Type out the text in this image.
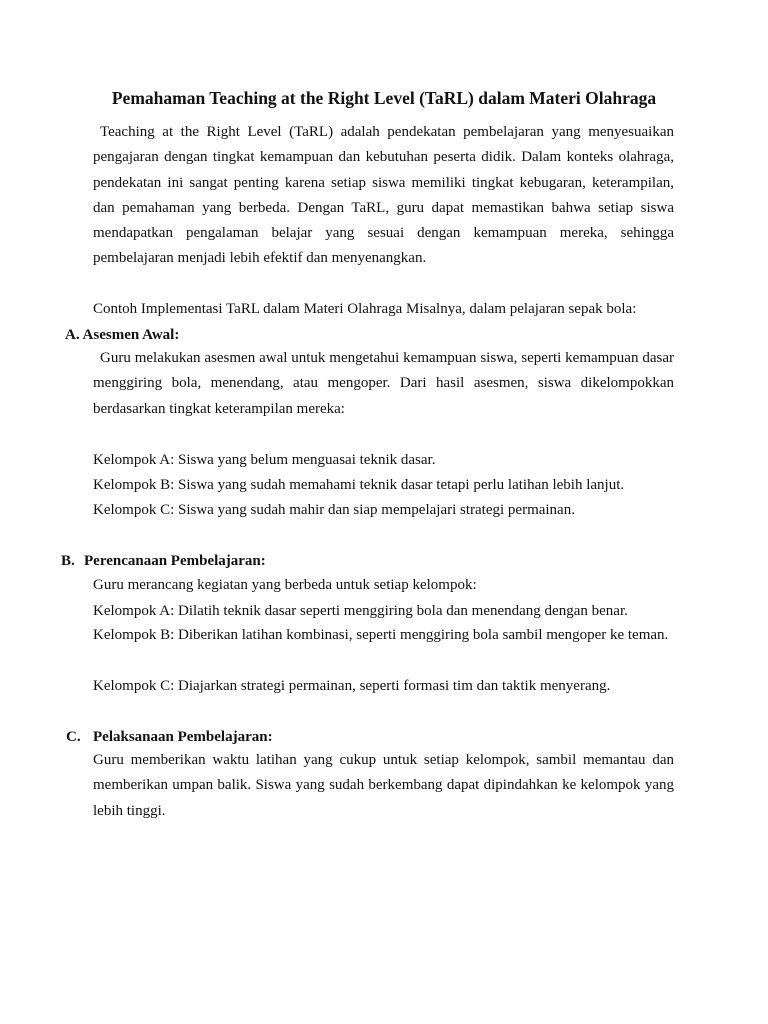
Pemahaman Teaching at the Right Level (TaRL) dalam Materi Olahraga

Teaching at the Right Level (TaRL) adalah pendekatan pembelajaran yang menyesuaikan pengajaran dengan tingkat kemampuan dan kebutuhan peserta didik. Dalam konteks olahraga, pendekatan ini sangat penting karena setiap siswa memiliki tingkat kebugaran, keterampilan, dan pemahaman yang berbeda. Dengan TaRL, guru dapat memastikan bahwa setiap siswa mendapatkan pengalaman belajar yang sesuai dengan kemampuan mereka, sehingga pembelajaran menjadi lebih efektif dan menyenangkan.

Contoh Implementasi TaRL dalam Materi Olahraga Misalnya, dalam pelajaran sepak bola:

A. Asesmen Awal:

Guru melakukan asesmen awal untuk mengetahui kemampuan siswa, seperti kemampuan dasar menggiring bola, menendang, atau mengoper. Dari hasil asesmen, siswa dikelompokkan berdasarkan tingkat keterampilan mereka:

Kelompok A: Siswa yang belum menguasai teknik dasar.

Kelompok B: Siswa yang sudah memahami teknik dasar tetapi perlu latihan lebih lanjut.

Kelompok C: Siswa yang sudah mahir dan siap mempelajari strategi permainan.

B. Perencanaan Pembelajaran:

Guru merancang kegiatan yang berbeda untuk setiap kelompok:

Kelompok A: Dilatih teknik dasar seperti menggiring bola dan menendang dengan benar.

Kelompok B: Diberikan latihan kombinasi, seperti menggiring bola sambil mengoper ke teman.

Kelompok C: Diajarkan strategi permainan, seperti formasi tim dan taktik menyerang.

C. Pelaksanaan Pembelajaran:

Guru memberikan waktu latihan yang cukup untuk setiap kelompok, sambil memantau dan memberikan umpan balik. Siswa yang sudah berkembang dapat dipindahkan ke kelompok yang lebih tinggi.
